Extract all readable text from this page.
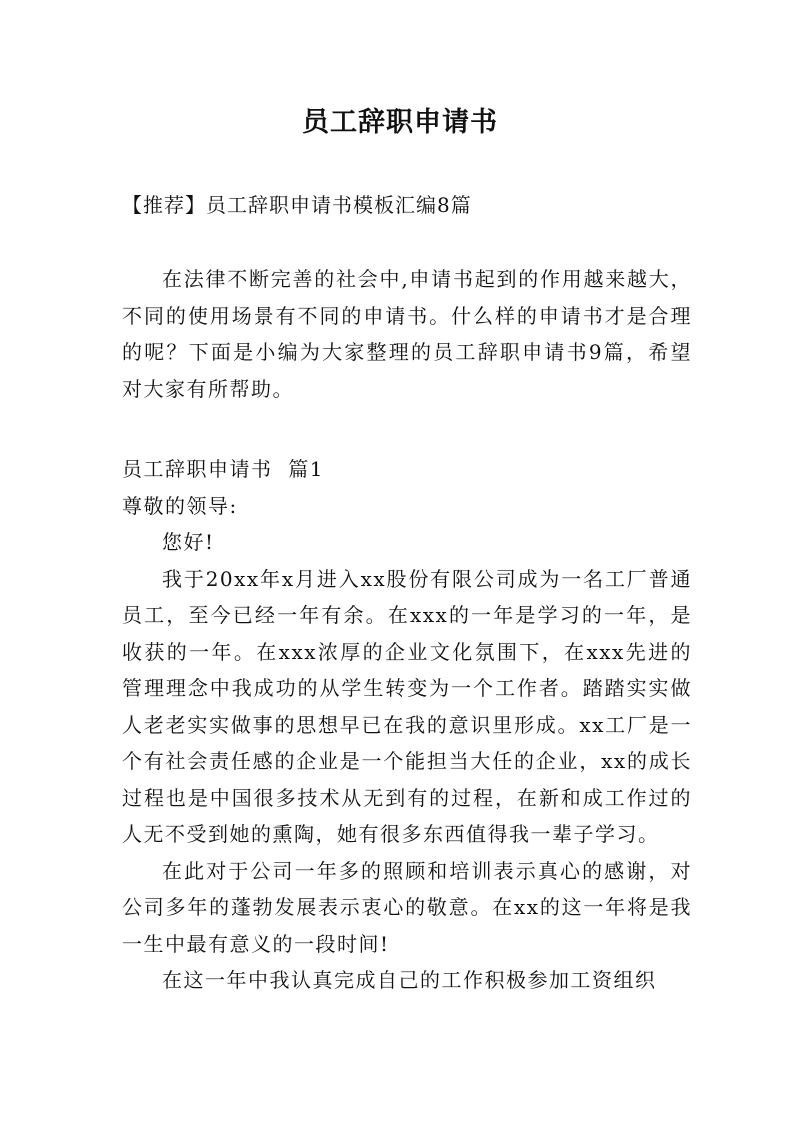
员工辞职申请书
【推荐】员工辞职申请书模板汇编8篇

在法律不断完善的社会中,申请书起到的作用越来越大，不同的使用场景有不同的申请书。什么样的申请书才是合理的呢？下面是小编为大家整理的员工辞职申请书9篇，希望对大家有所帮助。

员工辞职申请书  篇1

尊敬的领导:

您好!

我于20xx年x月进入xx股份有限公司成为一名工厂普通员工，至今已经一年有余。在xxx的一年是学习的一年，是收获的一年。在xxx浓厚的企业文化氛围下，在xxx先进的管理理念中我成功的从学生转变为一个工作者。踏踏实实做人老老实实做事的思想早已在我的意识里形成。xx工厂是一个有社会责任感的企业是一个能担当大任的企业，xx的成长过程也是中国很多技术从无到有的过程，在新和成工作过的人无不受到她的熏陶，她有很多东西值得我一辈子学习。

在此对于公司一年多的照顾和培训表示真心的感谢，对公司多年的蓬勃发展表示衷心的敬意。在xx的这一年将是我一生中最有意义的一段时间!

在这一年中我认真完成自己的工作积极参加工资组织
